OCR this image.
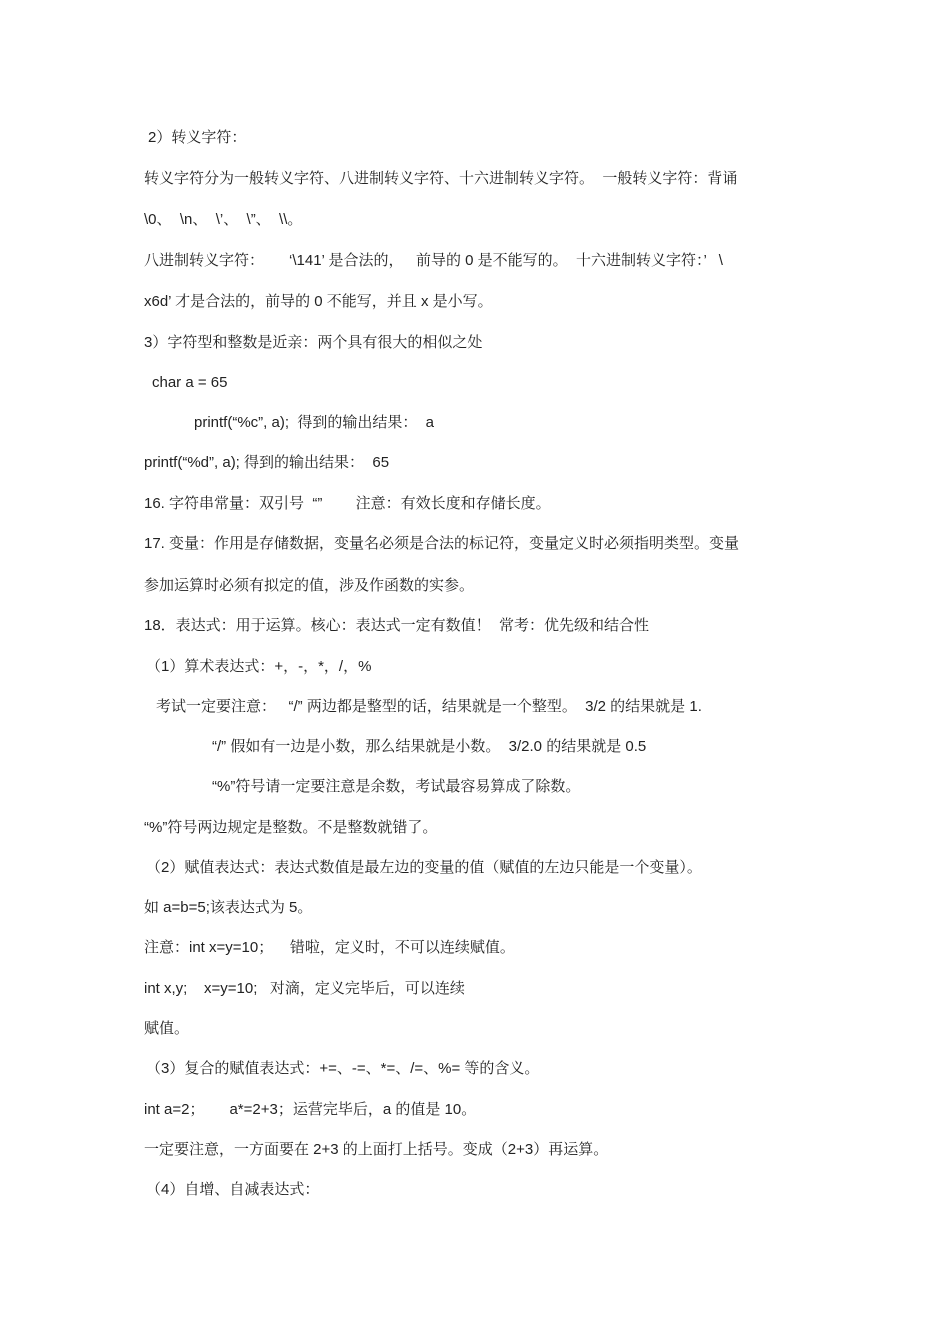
2）转义字符：
转义字符分为一般转义字符、八进制转义字符、十六进制转义字符。  一般转义字符：背诵
\0、  \n、  \’、  \”、  \\。
八进制转义字符：      ‘\141’ 是合法的，   前导的 0 是不能写的。  十六进制转义字符：’   \
x6d’ 才是合法的，前导的 0 不能写，并且 x 是小写。
3）字符型和整数是近亲：两个具有很大的相似之处
char a = 65
printf(“%c”, a);  得到的输出结果：  a
printf(“%d”, a); 得到的输出结果：  65
16. 字符串常量：双引号  “”        注意：有效长度和存储长度。
17. 变量：作用是存储数据，变量名必须是合法的标记符，变量定义时必须指明类型。变量
参加运算时必须有拟定的值，涉及作函数的实参。
18．表达式：用于运算。核心：表达式一定有数值！  常考：优先级和结合性
（1）算术表达式：+，-，*，/，%
考试一定要注意：   “/” 两边都是整型的话，结果就是一个整型。  3/2 的结果就是 1.
“/” 假如有一边是小数，那么结果就是小数。  3/2.0 的结果就是 0.5
“%”符号请一定要注意是余数，考试最容易算成了除数。
“%”符号两边规定是整数。不是整数就错了。
（2）赋值表达式：表达式数值是最左边的变量的值（赋值的左边只能是一个变量）。
如 a=b=5;该表达式为 5。
注意：int x=y=10；    错啦，定义时，不可以连续赋值。
int x,y;    x=y=10;   对滴，定义完毕后，可以连续
赋值。
（3）复合的赋值表达式：+=、-=、*=、/=、%= 等的含义。
int a=2；      a*=2+3；运营完毕后，a 的值是 10。
一定要注意，一方面要在 2+3 的上面打上括号。变成（2+3）再运算。
（4）自增、自减表达式：
